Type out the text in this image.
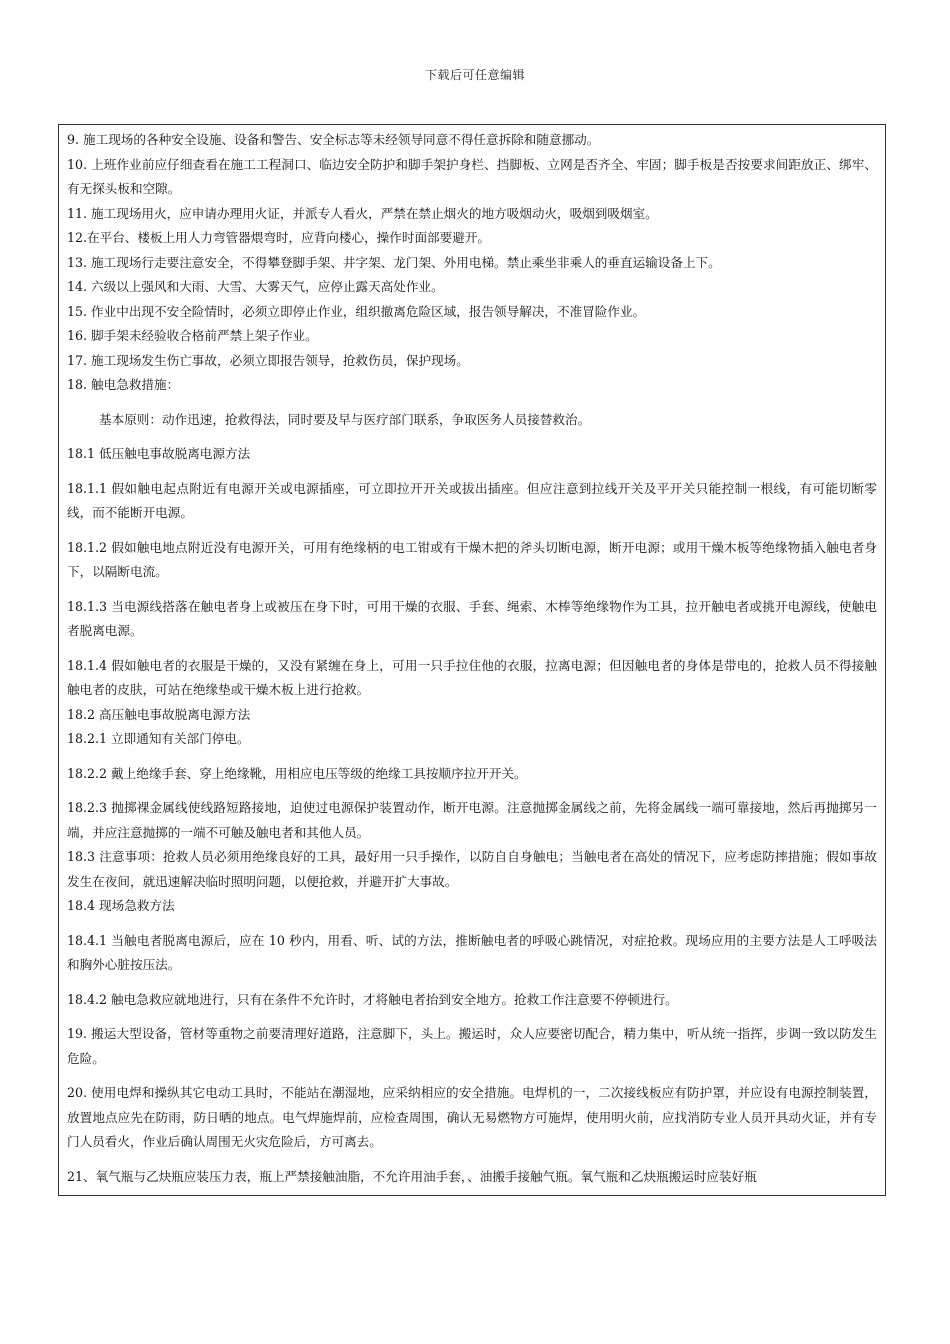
下载后可任意编辑

9. 施工现场的各种安全设施、设备和警告、安全标志等未经领导同意不得任意拆除和随意挪动。

10. 上班作业前应仔细查看在施工工程洞口、临边安全防护和脚手架护身栏、挡脚板、立网是否齐全、牢固；脚手板是否按要求间距放正、绑牢、有无探头板和空隙。

11. 施工现场用火，应申请办理用火证，并派专人看火，严禁在禁止烟火的地方吸烟动火，吸烟到吸烟室。

12.在平台、楼板上用人力弯管器煨弯时，应背向楼心，操作时面部要避开。

13. 施工现场行走要注意安全，不得攀登脚手架、井字架、龙门架、外用电梯。禁止乘坐非乘人的垂直运输设备上下。

14. 六级以上强风和大雨、大雪、大雾天气，应停止露天高处作业。

15. 作业中出现不安全险情时，必须立即停止作业，组织撤离危险区域，报告领导解决，不准冒险作业。

16. 脚手架未经验收合格前严禁上架子作业。

17. 施工现场发生伤亡事故，必须立即报告领导，抢救伤员，保护现场。

18. 触电急救措施：

基本原则：动作迅速，抢救得法，同时要及早与医疗部门联系，争取医务人员接替救治。

18.1 低压触电事故脱离电源方法

18.1.1 假如触电起点附近有电源开关或电源插座，可立即拉开开关或拔出插座。但应注意到拉线开关及平开关只能控制一根线，有可能切断零线，而不能断开电源。

18.1.2 假如触电地点附近没有电源开关，可用有绝缘柄的电工钳或有干燥木把的斧头切断电源，断开电源；或用干燥木板等绝缘物插入触电者身下，以隔断电流。

18.1.3 当电源线搭落在触电者身上或被压在身下时，可用干燥的衣服、手套、绳索、木棒等绝缘物作为工具，拉开触电者或挑开电源线，使触电者脱离电源。

18.1.4 假如触电者的衣服是干燥的，又没有紧缠在身上，可用一只手拉住他的衣服，拉离电源；但因触电者的身体是带电的，抢救人员不得接触触电者的皮肤，可站在绝缘垫或干燥木板上进行抢救。

18.2 高压触电事故脱离电源方法

18.2.1 立即通知有关部门停电。

18.2.2 戴上绝缘手套、穿上绝缘靴，用相应电压等级的绝缘工具按顺序拉开开关。

18.2.3 抛掷裸金属线使线路短路接地，迫使过电源保护装置动作，断开电源。注意抛掷金属线之前，先将金属线一端可靠接地，然后再抛掷另一端，并应注意抛掷的一端不可触及触电者和其他人员。

18.3 注意事项：抢救人员必须用绝缘良好的工具，最好用一只手操作，以防自自身触电；当触电者在高处的情况下，应考虑防摔措施；假如事故发生在夜间，就迅速解决临时照明问题，以便抢救，并避开扩大事故。

18.4 现场急救方法

18.4.1 当触电者脱离电源后，应在 10 秒内，用看、听、试的方法，推断触电者的呼吸心跳情况，对症抢救。现场应用的主要方法是人工呼吸法和胸外心脏按压法。

18.4.2 触电急救应就地进行，只有在条件不允许时，才将触电者抬到安全地方。抢救工作注意要不停顿进行。

19. 搬运大型设备，管材等重物之前要清理好道路，注意脚下，头上。搬运时，众人应要密切配合，精力集中，听从统一指挥，步调一致以防发生危险。

20. 使用电焊和操纵其它电动工具时，不能站在潮湿地，应采纳相应的安全措施。电焊机的一，二次接线板应有防护罩，并应设有电源控制装置，放置地点应先在防雨，防日晒的地点。电气焊施焊前，应检查周围，确认无易燃物方可施焊，使用明火前，应找消防专业人员开具动火证，并有专门人员看火，作业后确认周围无火灾危险后，方可离去。

21、氧气瓶与乙炔瓶应装压力表，瓶上严禁接触油脂，不允许用油手套，、油搬手接触气瓶。氧气瓶和乙炔瓶搬运时应装好瓶
